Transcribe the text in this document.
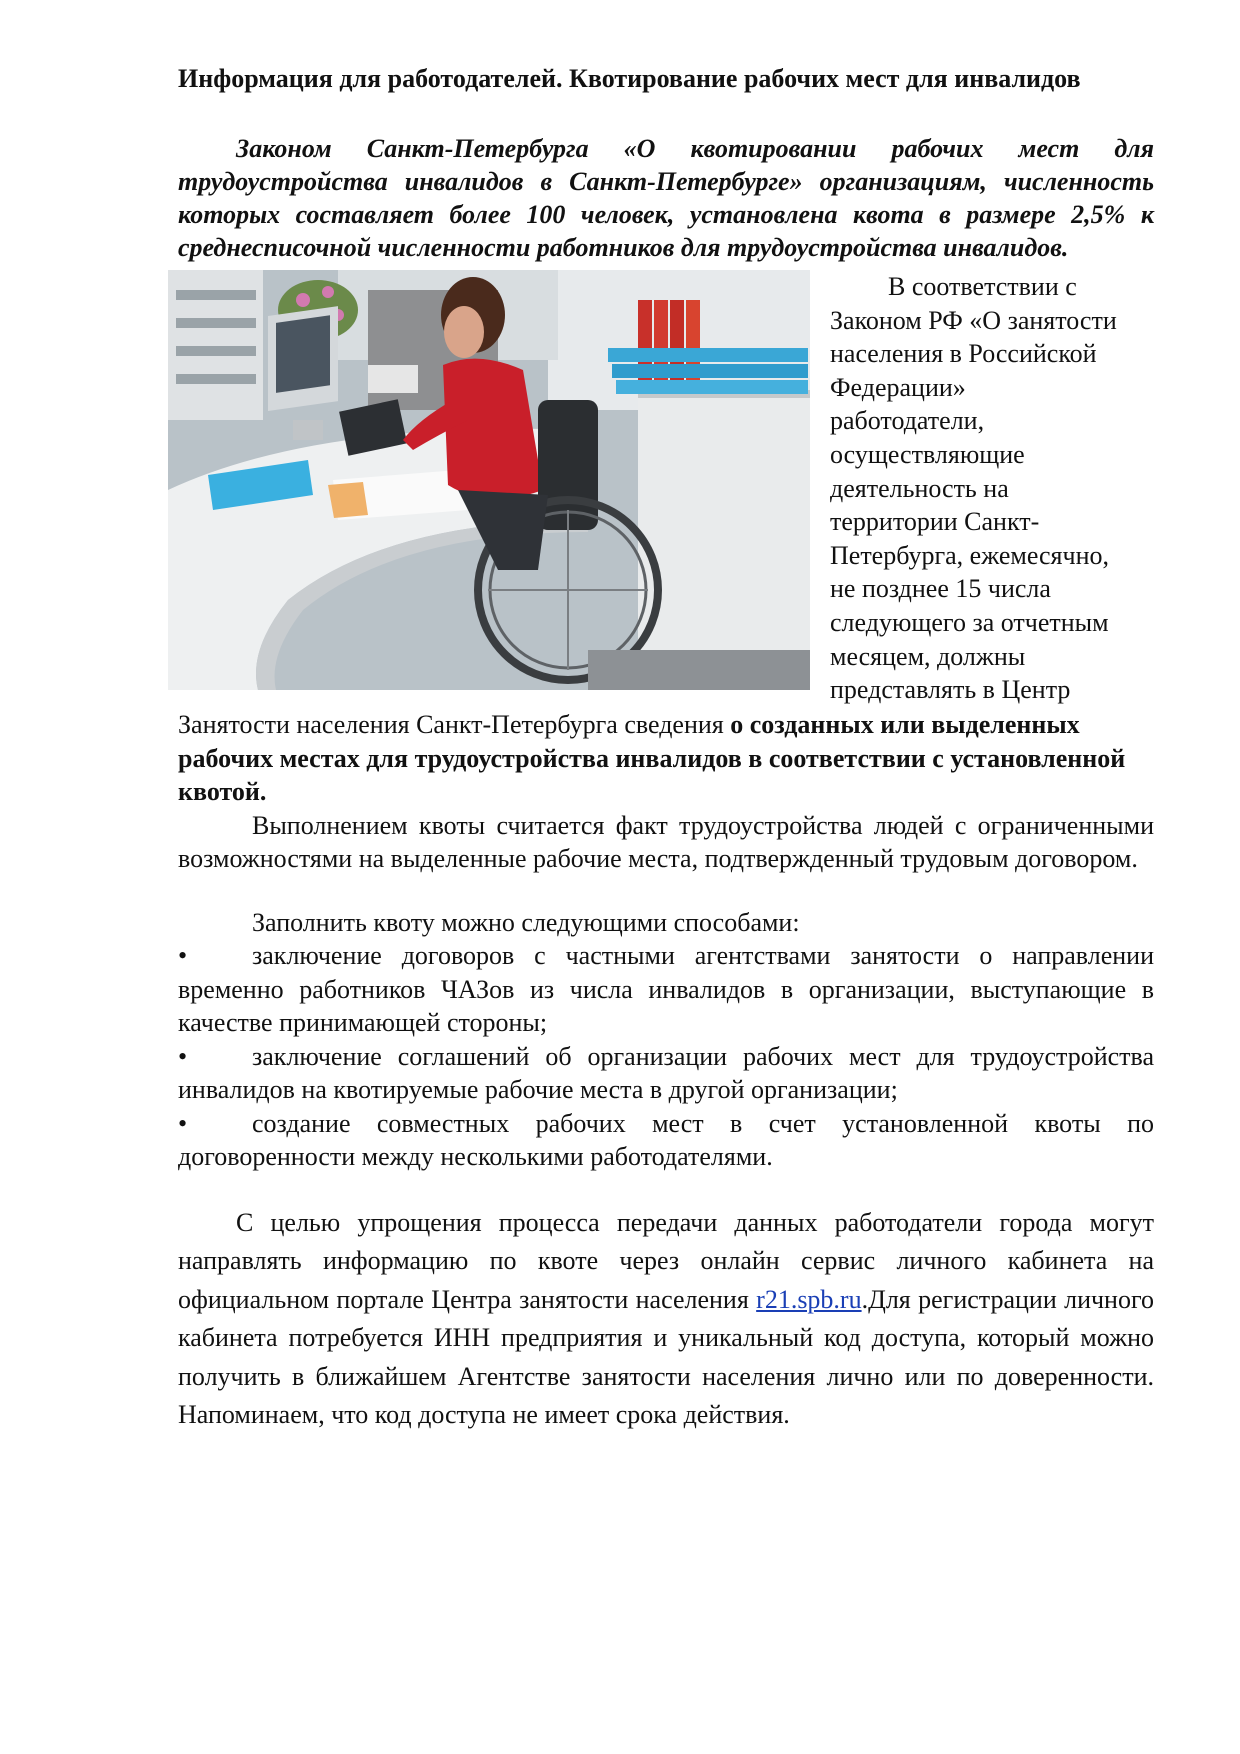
Информация для работодателей. Квотирование рабочих мест для инвалидов

Законом Санкт-Петербурга «О квотировании рабочих мест для трудоустройства инвалидов в Санкт-Петербурге» организациям, численность которых составляет более 100 человек, установлена квота в размере 2,5% к среднесписочной численности работников для трудоустройства инвалидов.

В соответствии с
Законом РФ «О занятости
населения в Российской
Федерации»
работодатели,
осуществляющие
деятельность на
территории Санкт-
Петербурга, ежемесячно,
не позднее 15 числа
следующего за отчетным
месяцем, должны
представлять в Центр

Занятости населения Санкт-Петербурга сведения о созданных или выделенных рабочих местах для трудоустройства инвалидов в соответствии с установленной квотой.

Выполнением квоты считается факт трудоустройства людей с ограниченными возможностями на выделенные рабочие места, подтвержденный трудовым договором.

Заполнить квоту можно следующими способами:

• заключение договоров с частными агентствами занятости о направлении временно работников ЧАЗов из числа инвалидов в организации, выступающие в качестве принимающей стороны;

• заключение соглашений об организации рабочих мест для трудоустройства инвалидов на квотируемые рабочие места в другой организации;

• создание совместных рабочих мест в счет установленной квоты по договоренности между несколькими работодателями.

С целью упрощения процесса передачи данных работодатели города могут направлять информацию по квоте через онлайн сервис личного кабинета на официальном портале Центра занятости населения r21.spb.ru.Для регистрации личного кабинета потребуется ИНН предприятия и уникальный код доступа, который можно получить в ближайшем Агентстве занятости населения лично или по доверенности. Напоминаем, что код доступа не имеет срока действия.
